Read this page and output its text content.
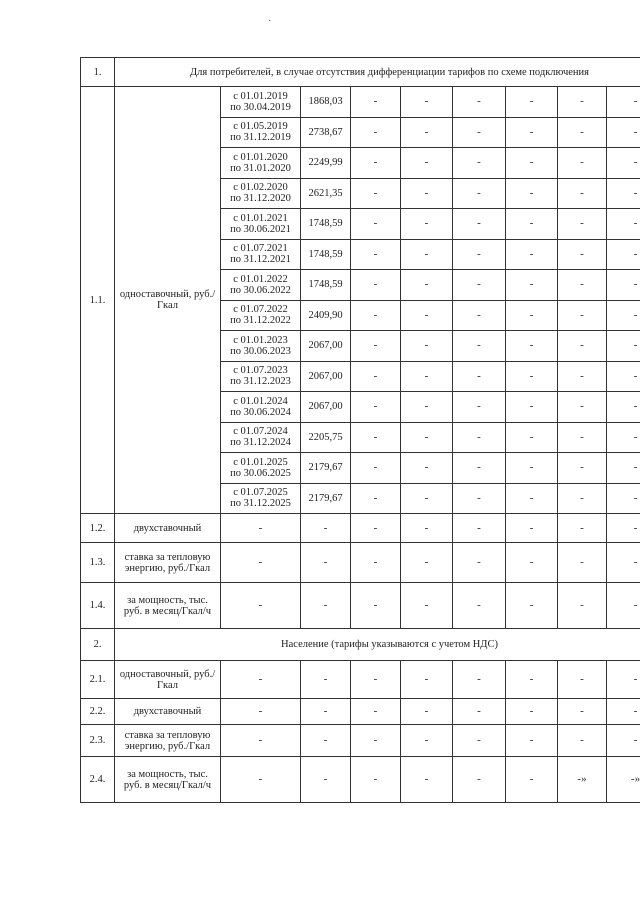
·
1.	Для потребителей, в случае отсутствия дифференциации тарифов по схеме подключения								
1.1.	одноставочный, руб./Гкал	с 01.01.2019
по 30.04.2019	1868,03	-	-	-	-	-	-

		с 01.05.2019
по 31.12.2019	2738,67	-	-	-	-	-	-

		с 01.01.2020
по 31.01.2020	2249,99	-	-	-	-	-	-

		с 01.02.2020
по 31.12.2020	2621,35	-	-	-	-	-	-

		с 01.01.2021
по 30.06.2021	1748,59	-	-	-	-	-	-

		с 01.07.2021
по 31.12.2021	1748,59	-	-	-	-	-	-

		с 01.01.2022
по 30.06.2022	1748,59	-	-	-	-	-	-

		с 01.07.2022
по 31.12.2022	2409,90	-	-	-	-	-	-

		с 01.01.2023
по 30.06.2023	2067,00	-	-	-	-	-	-

		с 01.07.2023
по 31.12.2023	2067,00	-	-	-	-	-	-

		с 01.01.2024
по 30.06.2024	2067,00	-	-	-	-	-	-

		с 01.07.2024
по 31.12.2024	2205,75	-	-	-	-	-	-

		с 01.01.2025
по 30.06.2025	2179,67	-	-	-	-	-	-

		с 01.07.2025
по 31.12.2025	2179,67	-	-	-	-	-	-
1.2.	двухставочный	-	-	-	-	-	-	-	-
1.3.	ставка за тепловую энергию, руб./Гкал	-	-	-	-	-	-	-	-
1.4.	за мощность, тыс. руб. в месяц/Гкал/ч	-	-	-	-	-	-	-	-
2.	Население (тарифы указываются с учетом НДС)								
2.1.	одноставочный, руб./Гкал	-	-	-	-	-	-	-	-
2.2.	двухставочный	-	-	-	-	-	-	-	-
2.3.	ставка за тепловую энергию, руб./Гкал	-	-	-	-	-	-	-	-
2.4.	за мощность, тыс. руб. в месяц/Гкал/ч	-	-	-	-	-	-	-»	-»
